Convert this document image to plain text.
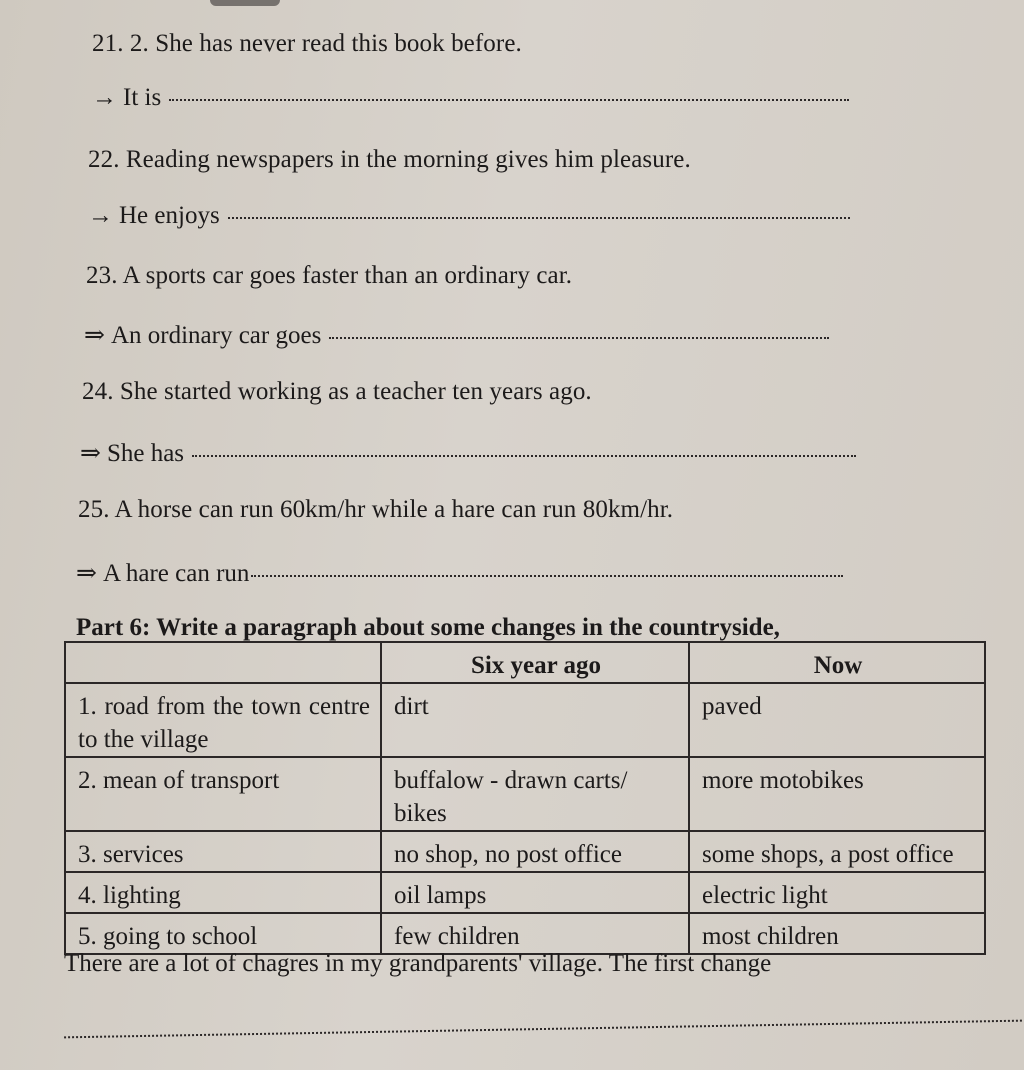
21. 2. She has never read this book before.
→ It is
22. Reading newspapers in the morning gives him pleasure.
→ He enjoys
23. A sports car goes faster than an ordinary car.
⇒ An ordinary car goes
24. She started working as a teacher ten years ago.
⇒ She has
25. A horse can run 60km/hr while a hare can run 80km/hr.
⇒ A hare can run
Part 6: Write a paragraph about some changes in the countryside,
	Six year ago	Now
1. road from the town centre to the village	dirt	paved
2. mean of transport	buffalow - drawn carts/ bikes	more motobikes
3. services	no shop, no post office	some shops, a post office
4. lighting	oil lamps	electric light
5. going to school	few children	most children
There are a lot of chagres in my grandparents' village. The first change
